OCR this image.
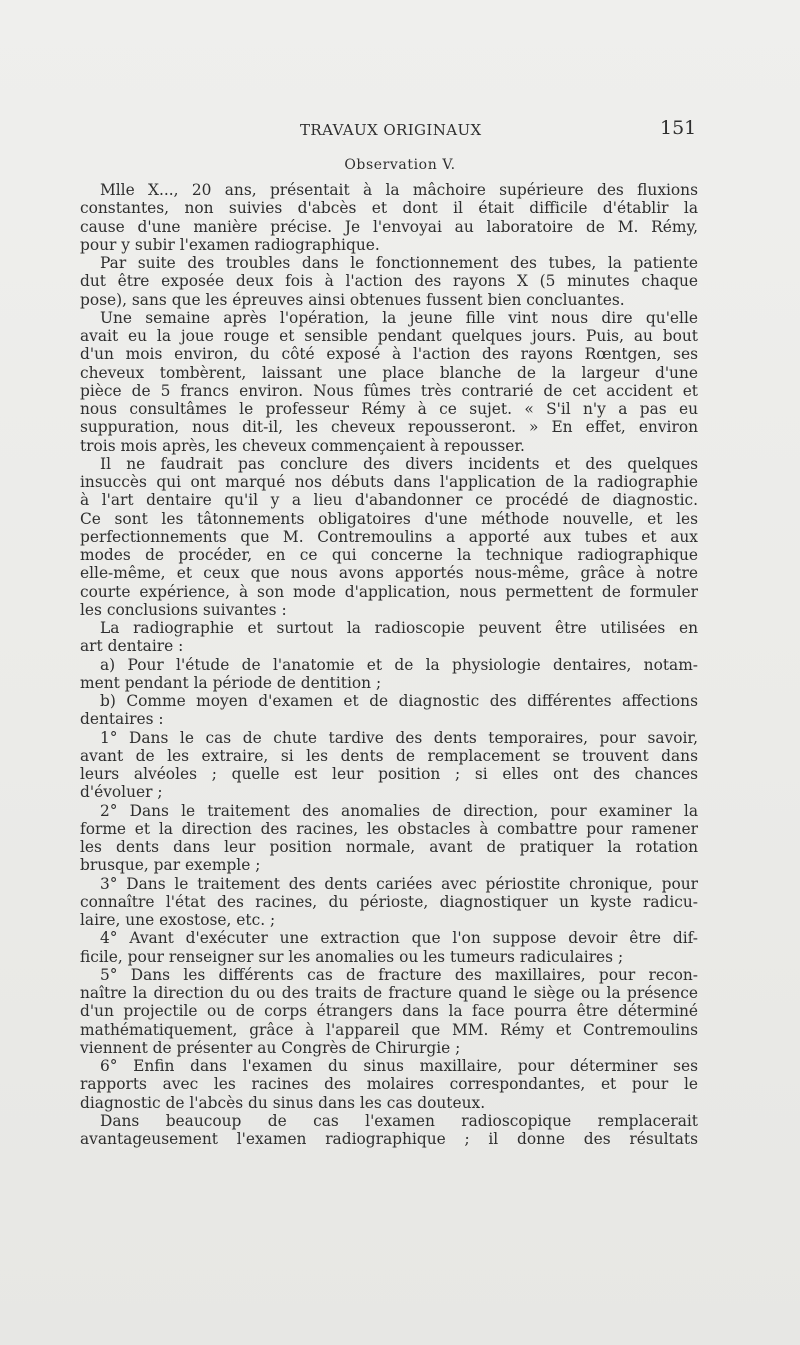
TRAVAUX ORIGINAUX	151
Observation V.
Mlle X..., 20 ans, présentait à la mâchoire supérieure des fluxions
constantes, non suivies d'abcès et dont il était difficile d'établir la
cause d'une manière précise. Je l'envoyai au laboratoire de M. Rémy,
pour y subir l'examen radiographique.
Par suite des troubles dans le fonctionnement des tubes, la patiente
dut être exposée deux fois à l'action des rayons X (5 minutes chaque
pose), sans que les épreuves ainsi obtenues fussent bien concluantes.
Une semaine après l'opération, la jeune fille vint nous dire qu'elle
avait eu la joue rouge et sensible pendant quelques jours. Puis, au bout
d'un mois environ, du côté exposé à l'action des rayons Rœntgen, ses
cheveux tombèrent, laissant une place blanche de la largeur d'une
pièce de 5 francs environ. Nous fûmes très contrarié de cet accident et
nous consultâmes le professeur Rémy à ce sujet. « S'il n'y a pas eu
suppuration, nous dit-il, les cheveux repousseront. » En effet, environ
trois mois après, les cheveux commençaient à repousser.
Il ne faudrait pas conclure des divers incidents et des quelques
insuccès qui ont marqué nos débuts dans l'application de la radiographie
à l'art dentaire qu'il y a lieu d'abandonner ce procédé de diagnostic.
Ce sont les tâtonnements obligatoires d'une méthode nouvelle, et les
perfectionnements que M. Contremoulins a apporté aux tubes et aux
modes de procéder, en ce qui concerne la technique radiographique
elle-même, et ceux que nous avons apportés nous-même, grâce à notre
courte expérience, à son mode d'application, nous permettent de formuler
les conclusions suivantes :
La radiographie et surtout la radioscopie peuvent être utilisées en
art dentaire :
a) Pour l'étude de l'anatomie et de la physiologie dentaires, notam-
ment pendant la période de dentition ;
b) Comme moyen d'examen et de diagnostic des différentes affections
dentaires :
1° Dans le cas de chute tardive des dents temporaires, pour savoir,
avant de les extraire, si les dents de remplacement se trouvent dans
leurs alvéoles ; quelle est leur position ; si elles ont des chances
d'évoluer ;
2° Dans le traitement des anomalies de direction, pour examiner la
forme et la direction des racines, les obstacles à combattre pour ramener
les dents dans leur position normale, avant de pratiquer la rotation
brusque, par exemple ;
3° Dans le traitement des dents cariées avec périostite chronique, pour
connaître l'état des racines, du périoste, diagnostiquer un kyste radicu-
laire, une exostose, etc. ;
4° Avant d'exécuter une extraction que l'on suppose devoir être dif-
ficile, pour renseigner sur les anomalies ou les tumeurs radiculaires ;
5° Dans les différents cas de fracture des maxillaires, pour recon-
naître la direction du ou des traits de fracture quand le siège ou la présence
d'un projectile ou de corps étrangers dans la face pourra être déterminé
mathématiquement, grâce à l'appareil que MM. Rémy et Contremoulins
viennent de présenter au Congrès de Chirurgie ;
6° Enfin dans l'examen du sinus maxillaire, pour déterminer ses
rapports avec les racines des molaires correspondantes, et pour le
diagnostic de l'abcès du sinus dans les cas douteux.
Dans beaucoup de cas l'examen radioscopique remplacerait
avantageusement l'examen radiographique ; il donne des résultats
